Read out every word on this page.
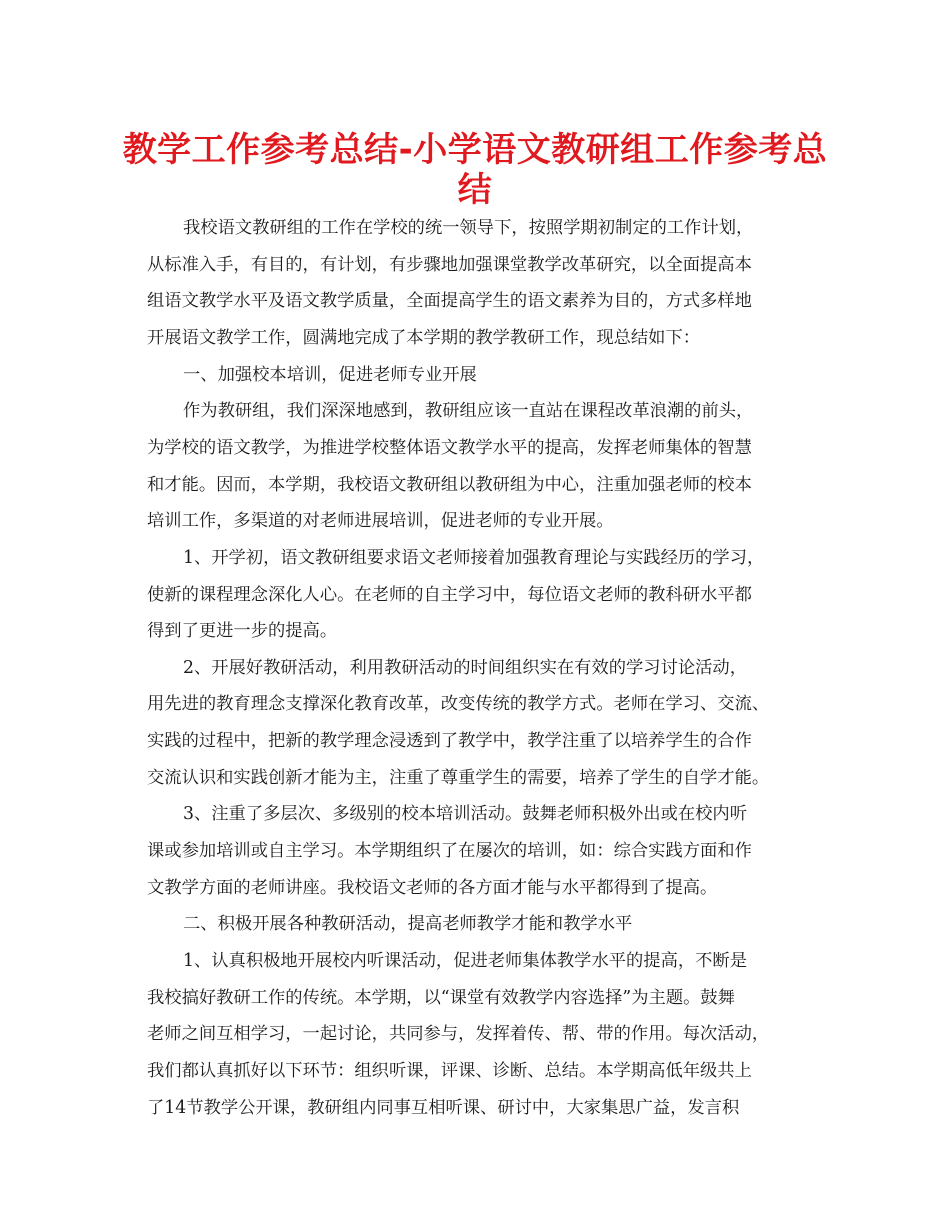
教学工作参考总结-小学语文教研组工作参考总
结

我校语文教研组的工作在学校的统一领导下，按照学期初制定的工作计划，

从标准入手，有目的，有计划，有步骤地加强课堂教学改革研究，以全面提高本

组语文教学水平及语文教学质量，全面提高学生的语文素养为目的，方式多样地

开展语文教学工作，圆满地完成了本学期的教学教研工作，现总结如下：

一、加强校本培训，促进老师专业开展

作为教研组，我们深深地感到，教研组应该一直站在课程改革浪潮的前头，

为学校的语文教学，为推进学校整体语文教学水平的提高，发挥老师集体的智慧

和才能。因而，本学期，我校语文教研组以教研组为中心，注重加强老师的校本

培训工作，多渠道的对老师进展培训，促进老师的专业开展。

1、开学初，语文教研组要求语文老师接着加强教育理论与实践经历的学习，

使新的课程理念深化人心。在老师的自主学习中，每位语文老师的教科研水平都

得到了更进一步的提高。

2、开展好教研活动，利用教研活动的时间组织实在有效的学习讨论活动，

用先进的教育理念支撑深化教育改革，改变传统的教学方式。老师在学习、交流、

实践的过程中，把新的教学理念浸透到了教学中，教学注重了以培养学生的合作

交流认识和实践创新才能为主，注重了尊重学生的需要，培养了学生的自学才能。

3、注重了多层次、多级别的校本培训活动。鼓舞老师积极外出或在校内听

课或参加培训或自主学习。本学期组织了在屡次的培训，如：综合实践方面和作

文教学方面的老师讲座。我校语文老师的各方面才能与水平都得到了提高。

二、积极开展各种教研活动，提高老师教学才能和教学水平

1、认真积极地开展校内听课活动，促进老师集体教学水平的提高，不断是

我校搞好教研工作的传统。本学期，以“课堂有效教学内容选择”为主题。鼓舞

老师之间互相学习，一起讨论，共同参与，发挥着传、帮、带的作用。每次活动，

我们都认真抓好以下环节：组织听课，评课、诊断、总结。本学期高低年级共上

了14节教学公开课，教研组内同事互相听课、研讨中，大家集思广益，发言积
